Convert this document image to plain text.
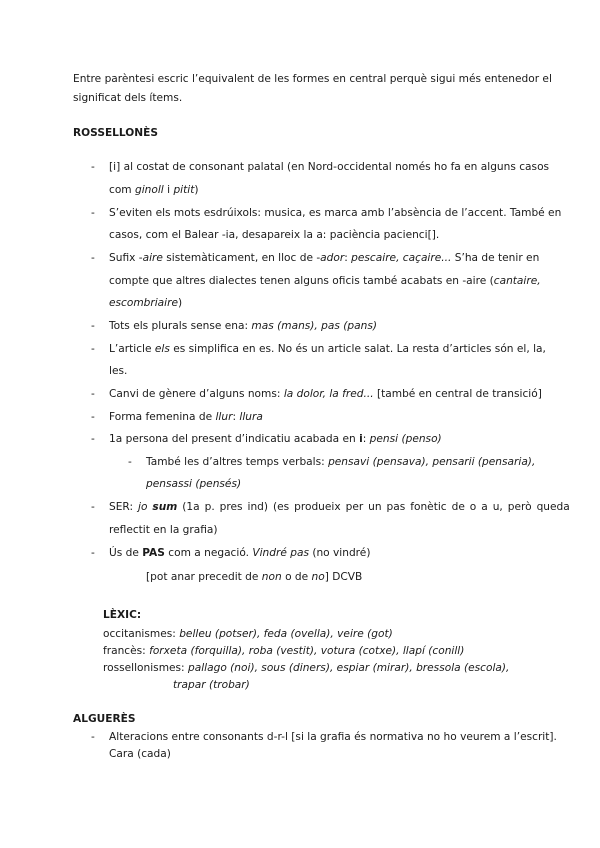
Entre parèntesi escric l’equivalent de les formes en central perquè sigui més entenedor el
significat dels ítems.
ROSSELLONÈS
- [i] al costat de consonant palatal (en Nord-occidental només ho fa en alguns casos
com ginoll i pitit)
- S’eviten els mots esdrúixols: musica, es marca amb l’absència de l’accent. També en
casos, com el Balear -ia, desapareix la a: paciència pacienci[].
- Sufix -aire sistemàticament, en lloc de -ador: pescaire, caçaire... S’ha de tenir en
compte que altres dialectes tenen alguns oficis també acabats en -aire (cantaire,
escombriaire)
- Tots els plurals sense ena: mas (mans), pas (pans)
- L’article els es simplifica en es. No és un article salat. La resta d’articles són el, la,
les.
- Canvi de gènere d’alguns noms: la dolor, la fred... [també en central de transició]
- Forma femenina de llur: llura
- 1a persona del present d’indicatiu acabada en i: pensi (penso)
- També les d’altres temps verbals: pensavi (pensava), pensarii (pensaria),
pensassi (pensés)
- SER: jo sum (1a p. pres ind) (es produeix per un pas fonètic de o a u, però queda
reflectit en la grafia)
- Ús de PAS com a negació. Vindré pas (no vindré)
[pot anar precedit de non o de no] DCVB
LÈXIC:
occitanismes: belleu (potser), feda (ovella), veire (got)
francès: forxeta (forquilla), roba (vestit), votura (cotxe), llapí (conill)
rossellonismes: pallago (noi), sous (diners), espiar (mirar), bressola (escola),
trapar (trobar)
ALGUERÈS
- Alteracions entre consonants d-r-l [si la grafia és normativa no ho veurem a l’escrit].
Cara (cada)
